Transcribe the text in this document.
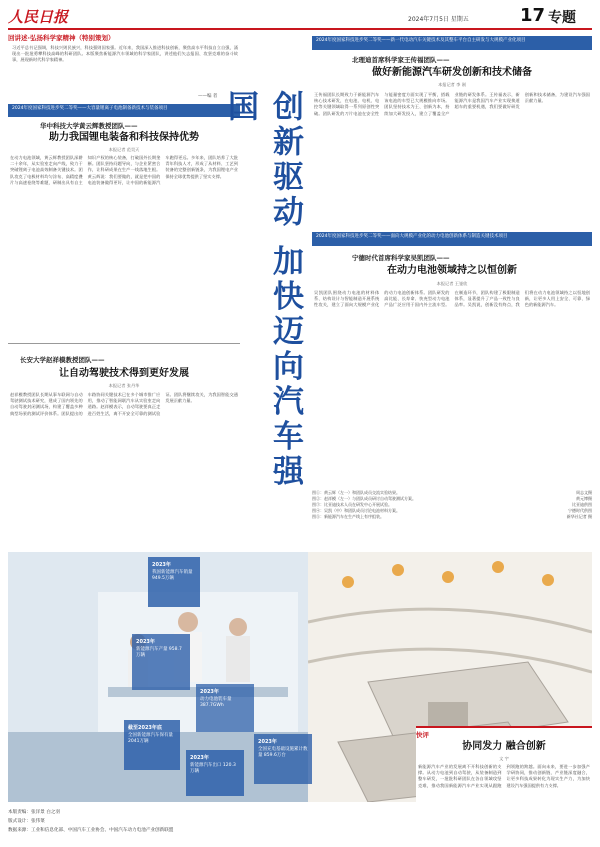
人民日报	2024年7月5日 星期五	17 专题
回讲述·弘扬科学家精神（特别策划）
习近平总书记强调，科技兴则民族兴，科技强则国家强。近年来，我国深入推进科技创新，聚焦高水平科技自立自强，涌现出一批批勇攀科技高峰的科研团队。本版聚焦新能源汽车领域的科学家团队，讲述他们矢志报国、攻坚克难的奋斗故事，展现新时代科学家精神。
——编 者
2024年度国家科技进步奖二等奖——大容量锂离子电池制备新技术与装备项目
华中科技大学黄云辉教授团队——
助力我国锂电装备和科技保持优势
本报记者 范昊天
在动力电池领域，黄云辉教授团队深耕二十余年，从实验室走向产线，致力于突破锂离子电池高效制备关键技术。团队攻克了电极材料均匀涂布、高精度叠片与高速卷绕等难题，研制出具有自主知识产权的核心装备，打破国外长期垄断。团队坚持问题导向，与企业紧密合作，让科研成果在生产一线落地生根。黄云辉说：我们要做的，就是把中国的电池装备做得更好，让中国的新能源汽车跑得更远。多年来，团队培养了大批青年科技人才，形成了从材料、工艺到装备的完整创新链条，为我国锂电产业保持全球优势提供了坚实支撑。
长安大学赵祥模教授团队——
让自动驾驶技术得到更好发展
本报记者 张丹华
赵祥模教授团队长期从事车联网与自动驾驶测试技术研究，建成了国内领先的自动驾驶封闭测试场，构建了覆盖多种典型场景的测试评价体系。团队提出的车路协同关键技术已在多个城市推广应用，推动了智能网联汽车从实验室走向道路。赵祥模表示，自动驾驶要真正走进百姓生活，离不开安全可靠的测试验证。团队将继续攻关，为我国智能交通发展贡献力量。	创新驱动 加快迈向汽车强国
2024年度国家科技进步奖二等奖——新一代电动汽车关键技术及其整车平台自主研发与大规模产业化项目
北理迪首席科学家王传福团队——
做好新能源汽车研发创新和技术储备
本报记者 李 刚
王传福团队长期致力于新能源汽车核心技术研发，在电池、电机、电控等关键领域取得一系列原创性突破。团队研发的刀片电池在安全性与能量密度方面实现了平衡，搭载该电池的车型已大规模推向市场。团队坚持技术为王、创新为本，持续加大研发投入，建立了覆盖全产业链的研发体系。王传福表示，新能源汽车是我国汽车产业实现换道超车的重要机遇，我们要做好研发创新和技术储备，为建设汽车强国贡献力量。
2024年度国家科技进步奖二等奖——面向大规模产业化的动力电池创新体系与制造关键技术项目
宁德时代首席科学家吴凯团队——
在动力电池领域持之以恒创新
本报记者 王崟欣
吴凯团队围绕动力电池的材料体系、结构设计与智能制造开展系统性攻关，建立了面向大规模产业化的动力电池创新体系。团队研发的高比能、长寿命、快充型动力电池产品广泛应用于国内外主流车型。在制造环节，团队构建了极限制造体系，显著提升了产品一致性与良品率。吴凯说，创新没有终点，我们将在动力电池领域持之以恒地创新，让更多人用上安全、可靠、绿色的新能源汽车。
图①：黄云辉（左一）和团队成员交流实验结果。	周志文摄
图②：赵祥模（左一）与团队成员研讨自动驾驶测试方案。	黄元博摄
图③：比亚迪技术人员在研发中心开展试验。	比亚迪供图
图④：吴凯（中）和团队成员讨论电池材料方案。	宁德时代供图
图⑤：新能源汽车在生产线上有序组装。	新华社记者 摄
2023年
我国新能源汽车销量 949.5万辆
2023年
新能源汽车产量 958.7万辆
2023年
动力电池装车量 387.7GWh
截至2023年底
全国新能源汽车保有量 2041万辆	2023年
全国充电基础设施累计数量 859.6万台
2023年
新能源汽车出口 120.3万辆
快评
协同发力 融合创新
文 宇
新能源汽车产业的发展离不开科技创新的支撑。从动力电池到自动驾驶，从装备制造到整车研发，一批批科研团队在各自领域攻坚克难，推动我国新能源汽车产业实现从跟跑到领跑的跨越。面向未来，要进一步加强产学研协同，推动创新链、产业链深度融合，让更多科技成果转化为现实生产力，为加快建设汽车强国提供有力支撑。
本版责编：张洋景 白之羽
版式设计：张伟菜
数据来源：工业和信息化部、中国汽车工业协会、中国汽车动力电池产业创新联盟
